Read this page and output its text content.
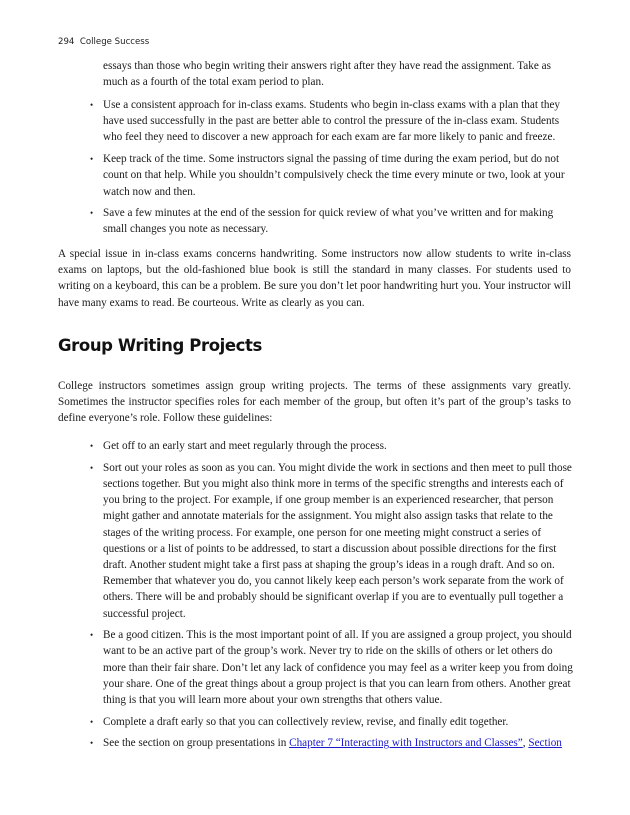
294 College Success
essays than those who begin writing their answers right after they have read the assignment. Take as much as a fourth of the total exam period to plan.
• Use a consistent approach for in-class exams. Students who begin in-class exams with a plan that they have used successfully in the past are better able to control the pressure of the in-class exam. Students who feel they need to discover a new approach for each exam are far more likely to panic and freeze.
• Keep track of the time. Some instructors signal the passing of time during the exam period, but do not count on that help. While you shouldn’t compulsively check the time every minute or two, look at your watch now and then.
• Save a few minutes at the end of the session for quick review of what you’ve written and for making small changes you note as necessary.

A special issue in in-class exams concerns handwriting. Some instructors now allow students to write in-class exams on laptops, but the old-fashioned blue book is still the standard in many classes. For students used to writing on a keyboard, this can be a problem. Be sure you don’t let poor handwriting hurt you. Your instructor will have many exams to read. Be courteous. Write as clearly as you can.

Group Writing Projects

College instructors sometimes assign group writing projects. The terms of these assignments vary greatly. Sometimes the instructor specifies roles for each member of the group, but often it’s part of the group’s tasks to define everyone’s role. Follow these guidelines:

• Get off to an early start and meet regularly through the process.
• Sort out your roles as soon as you can. You might divide the work in sections and then meet to pull those sections together. But you might also think more in terms of the specific strengths and interests each of you bring to the project. For example, if one group member is an experienced researcher, that person might gather and annotate materials for the assignment. You might also assign tasks that relate to the stages of the writing process. For example, one person for one meeting might construct a series of questions or a list of points to be addressed, to start a discussion about possible directions for the first draft. Another student might take a first pass at shaping the group’s ideas in a rough draft. And so on. Remember that whatever you do, you cannot likely keep each person’s work separate from the work of others. There will be and probably should be significant overlap if you are to eventually pull together a successful project.
• Be a good citizen. This is the most important point of all. If you are assigned a group project, you should want to be an active part of the group’s work. Never try to ride on the skills of others or let others do more than their fair share. Don’t let any lack of confidence you may feel as a writer keep you from doing your share. One of the great things about a group project is that you can learn from others. Another great thing is that you will learn more about your own strengths that others value.
• Complete a draft early so that you can collectively review, revise, and finally edit together.
• See the section on group presentations in Chapter 7 “Interacting with Instructors and Classes”, Section
